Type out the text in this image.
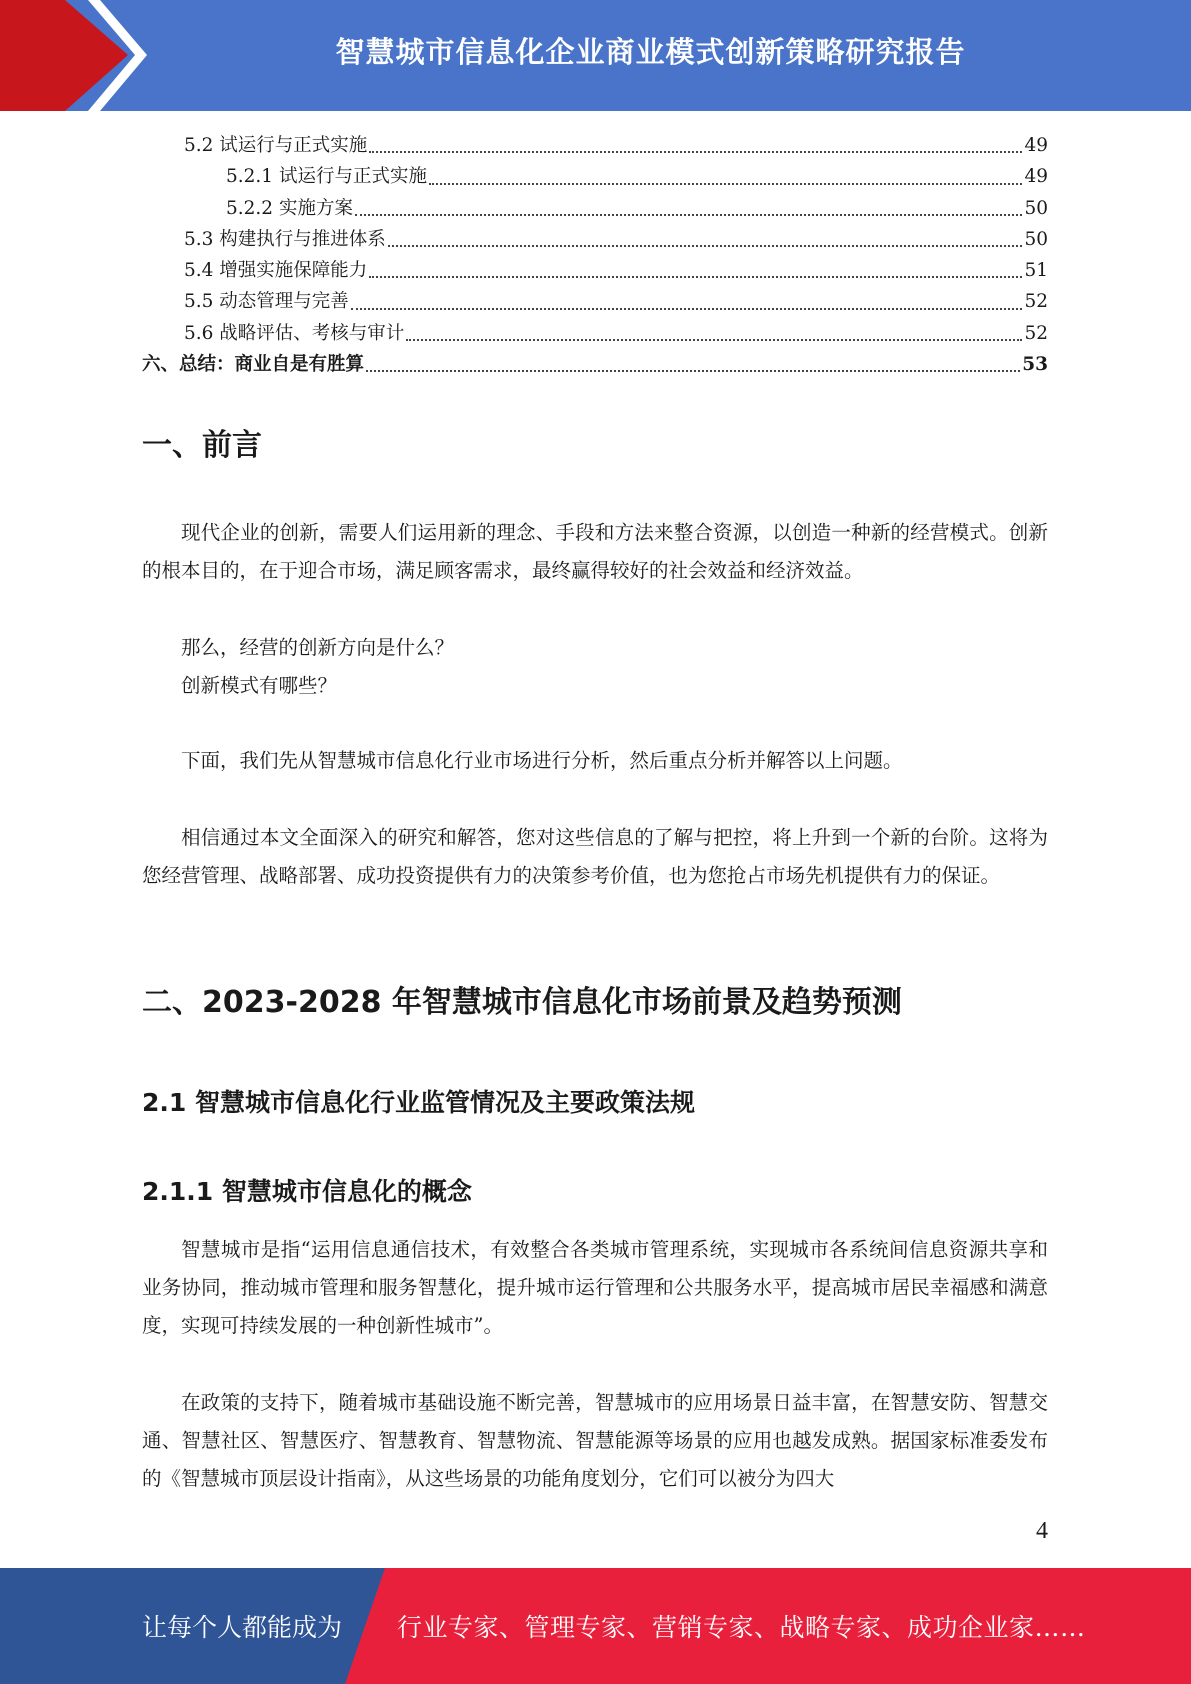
智慧城市信息化企业商业模式创新策略研究报告
5.2 试运行与正式实施	49
5.2.1 试运行与正式实施	49
5.2.2 实施方案	50
5.3 构建执行与推进体系	50
5.4 增强实施保障能力	51
5.5 动态管理与完善	52
5.6 战略评估、考核与审计	52
六、总结：商业自是有胜算	53
一、前言

现代企业的创新，需要人们运用新的理念、手段和方法来整合资源，以创造一种新的经营模式。创新的根本目的，在于迎合市场，满足顾客需求，最终赢得较好的社会效益和经济效益。

那么，经营的创新方向是什么？

创新模式有哪些？

下面，我们先从智慧城市信息化行业市场进行分析，然后重点分析并解答以上问题。

相信通过本文全面深入的研究和解答，您对这些信息的了解与把控，将上升到一个新的台阶。这将为您经营管理、战略部署、成功投资提供有力的决策参考价值，也为您抢占市场先机提供有力的保证。

二、2023-2028 年智慧城市信息化市场前景及趋势预测
2.1 智慧城市信息化行业监管情况及主要政策法规
2.1.1 智慧城市信息化的概念

智慧城市是指“运用信息通信技术，有效整合各类城市管理系统，实现城市各系统间信息资源共享和业务协同，推动城市管理和服务智慧化，提升城市运行管理和公共服务水平，提高城市居民幸福感和满意度，实现可持续发展的一种创新性城市”。

在政策的支持下，随着城市基础设施不断完善，智慧城市的应用场景日益丰富，在智慧安防、智慧交通、智慧社区、智慧医疗、智慧教育、智慧物流、智慧能源等场景的应用也越发成熟。据国家标准委发布的《智慧城市顶层设计指南》，从这些场景的功能角度划分，它们可以被分为四大

4
让每个人都能成为 行业专家、管理专家、营销专家、战略专家、成功企业家……
